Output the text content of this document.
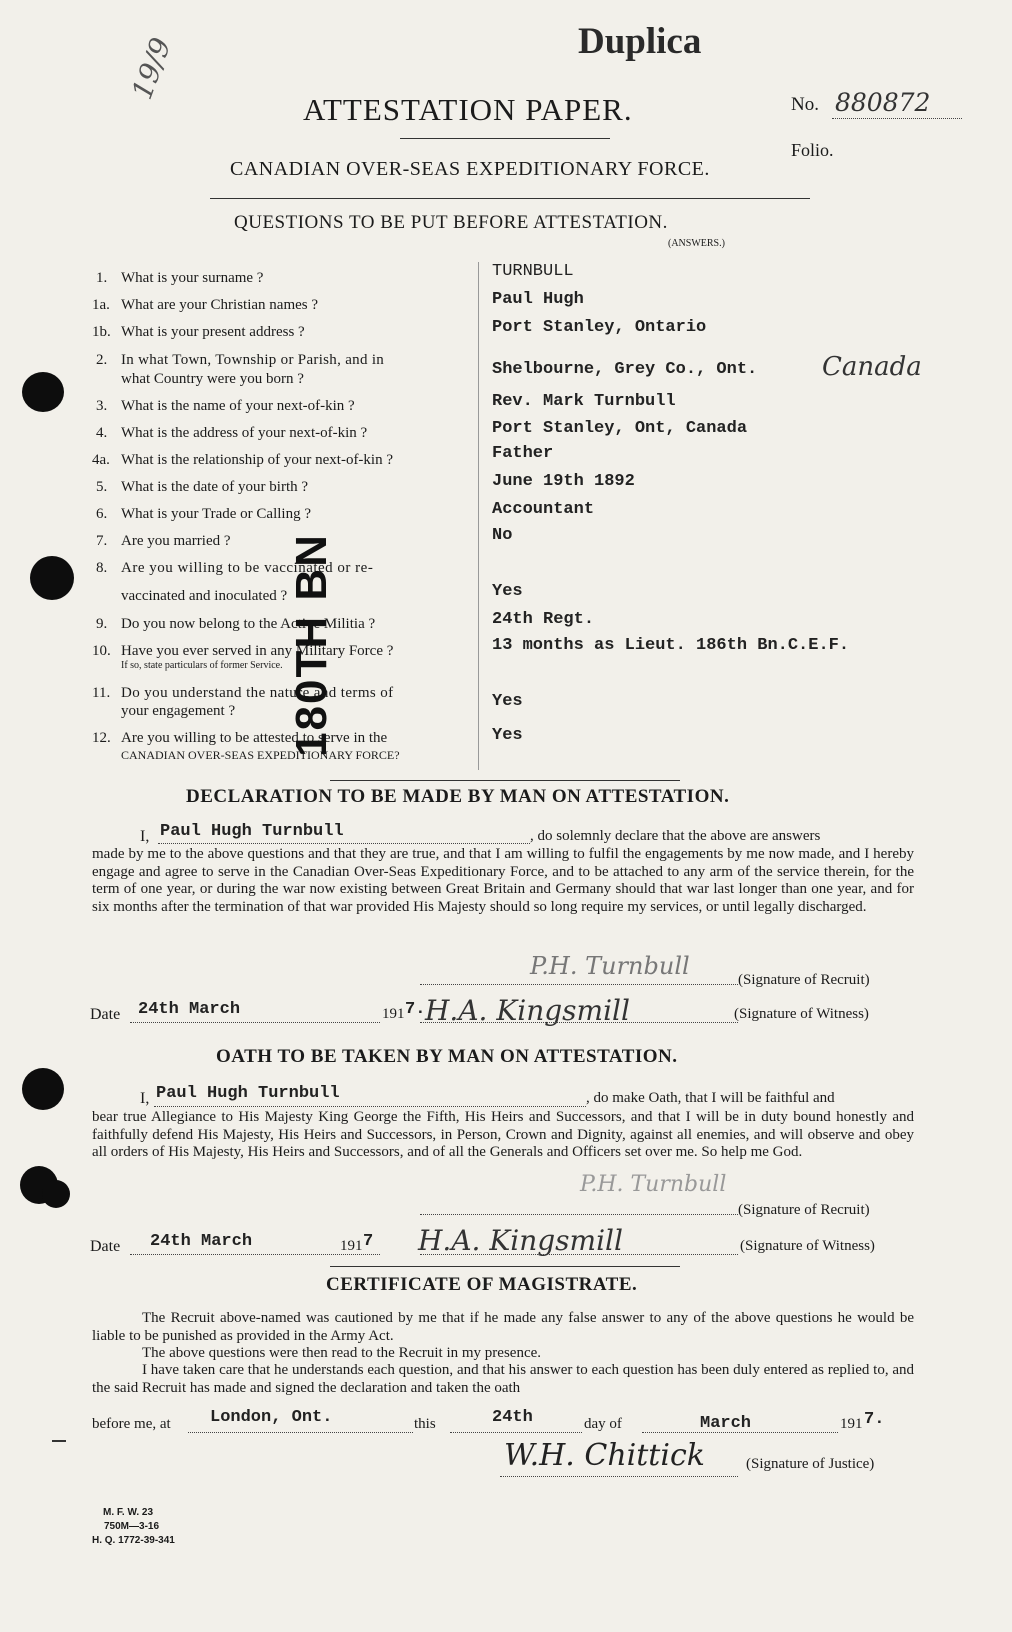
19/9	Duplica
ATTESTATION PAPER.	No. 880872
Folio.
CANADIAN OVER-SEAS EXPEDITIONARY FORCE.
QUESTIONS TO BE PUT BEFORE ATTESTATION.
(ANSWERS.)
1. What is your surname ?	TURNBULL
1a. What are your Christian names ?	Paul Hugh
1b. What is your present address ?	Port Stanley, Ontario
2. In what Town, Township or Parish, and in
what Country were you born ?	Shelbourne, Grey Co., Ont. Canada
3. What is the name of your next-of-kin ?	Rev. Mark Turnbull
4. What is the address of your next-of-kin ?	Port Stanley, Ont, Canada
4a. What is the relationship of your next-of-kin ?	Father
5. What is the date of your birth ?	June 19th 1892
6. What is your Trade or Calling ?	Accountant
7. Are you married ?	No
8. Are you willing to be vaccinated or re-
vaccinated and inoculated ?	Yes
9. Do you now belong to the Active Militia ?	24th Regt.
10. Have you ever served in any Military Force ?
If so, state particulars of former Service.
13 months as Lieut. 186th Bn.C.E.F.
11. Do you understand the nature and terms of
your engagement ?	Yes
12. Are you willing to be attested to serve in the
CANADIAN OVER-SEAS EXPEDITIONARY FORCE?
Yes
180TH BN
DECLARATION TO BE MADE BY MAN ON ATTESTATION.
I, Paul Hugh Turnbull	, do solemnly declare that the above are answers
made by me to the above questions and that they are true, and that I am willing to fulfil the engagements by me now made, and I hereby engage and agree to serve in the Canadian Over-Seas Expeditionary Force, and to be attached to any arm of the service therein, for the term of one year, or during the war now existing between Great Britain and Germany should that war last longer than one year, and for six months after the termination of that war provided His Majesty should so long require my services, or until legally discharged.
P.H. Turnbull	(Signature of Recruit)
Date 24th March	191 7. H.A. Kingsmill	(Signature of Witness)
OATH TO BE TAKEN BY MAN ON ATTESTATION.
I, Paul Hugh Turnbull	, do make Oath, that I will be faithful and
bear true Allegiance to His Majesty King George the Fifth, His Heirs and Successors, and that I will be in duty bound honestly and faithfully defend His Majesty, His Heirs and Successors, in Person, Crown and Dignity, against all enemies, and will observe and obey all orders of His Majesty, His Heirs and Successors, and of all the Generals and Officers set over me. So help me God.
P.H. Turnbull
(Signature of Recruit)
Date 24th March	191 7 H.A. Kingsmill	(Signature of Witness)
CERTIFICATE OF MAGISTRATE.
The Recruit above-named was cautioned by me that if he made any false answer to any of the above questions he would be liable to be punished as provided in the Army Act.
The above questions were then read to the Recruit in my presence.
I have taken care that he understands each question, and that his answer to each question has been duly entered as replied to, and the said Recruit has made and signed the declaration and taken the oath
before me, at London, Ont.	this	24th	day of	March	191 7.
W.H. Chittick	(Signature of Justice)
M. F. W. 23
750M—3-16
H. Q. 1772-39-341
